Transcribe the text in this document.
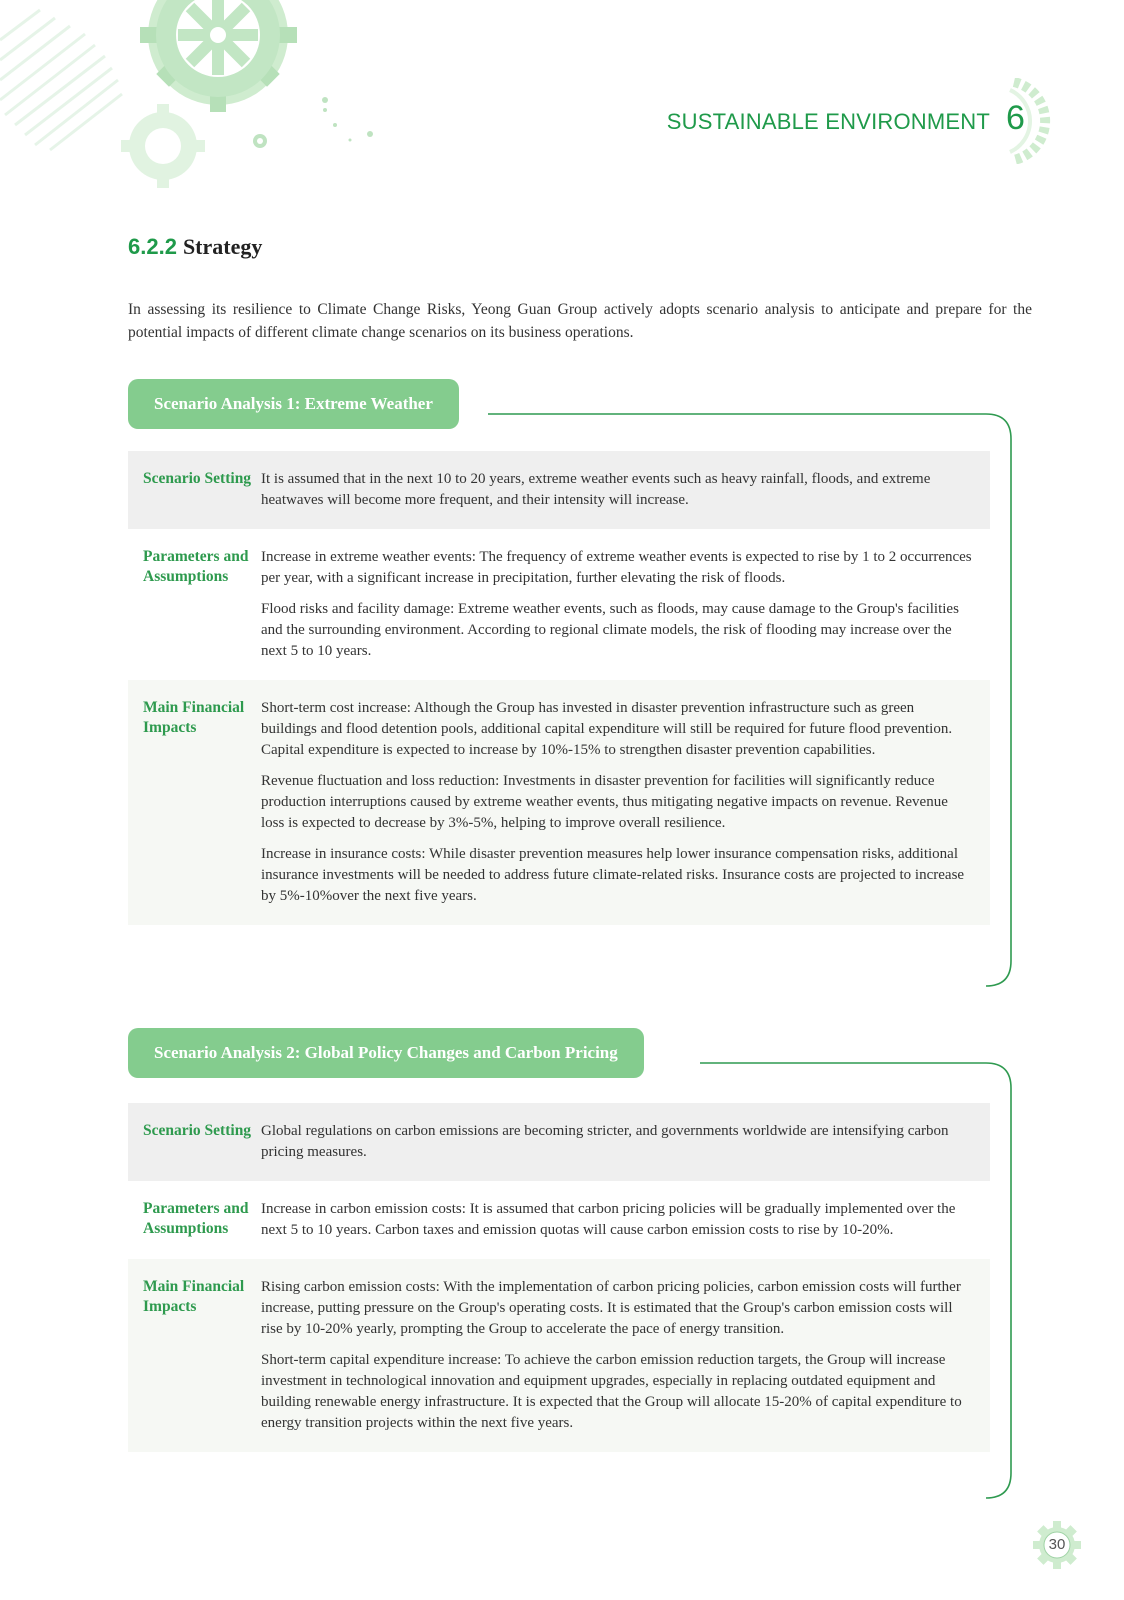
SUSTAINABLE ENVIRONMENT 6
6.2.2 Strategy
In assessing its resilience to Climate Change Risks, Yeong Guan Group actively adopts scenario analysis to anticipate and prepare for the potential impacts of different climate change scenarios on its business operations.
Scenario Analysis 1: Extreme Weather
Scenario Setting It is assumed that in the next 10 to 20 years, extreme weather events such as heavy rainfall, floods, and extreme heatwaves will become more frequent, and their intensity will increase.

Parameters and Assumptions

Increase in extreme weather events: The frequency of extreme weather events is expected to rise by 1 to 2 occurrences per year, with a significant increase in precipitation, further elevating the risk of floods.

Flood risks and facility damage: Extreme weather events, such as floods, may cause damage to the Group's facilities and the surrounding environment. According to regional climate models, the risk of flooding may increase over the next 5 to 10 years.

Main Financial Impacts

Short-term cost increase: Although the Group has invested in disaster prevention infrastructure such as green buildings and flood detention pools, additional capital expenditure will still be required for future flood prevention. Capital expenditure is expected to increase by 10%-15% to strengthen disaster prevention capabilities.

Revenue fluctuation and loss reduction: Investments in disaster prevention for facilities will significantly reduce production interruptions caused by extreme weather events, thus mitigating negative impacts on revenue. Revenue loss is expected to decrease by 3%-5%, helping to improve overall resilience.

Increase in insurance costs: While disaster prevention measures help lower insurance compensation risks, additional insurance investments will be needed to address future climate-related risks. Insurance costs are projected to increase by 5%-10%over the next five years.

Scenario Analysis 2: Global Policy Changes and Carbon Pricing
Scenario Setting Global regulations on carbon emissions are becoming stricter, and governments worldwide are intensifying carbon pricing measures.

Parameters and Assumptions

Increase in carbon emission costs: It is assumed that carbon pricing policies will be gradually implemented over the next 5 to 10 years. Carbon taxes and emission quotas will cause carbon emission costs to rise by 10-20%.

Main Financial Impacts

Rising carbon emission costs: With the implementation of carbon pricing policies, carbon emission costs will further increase, putting pressure on the Group's operating costs. It is estimated that the Group's carbon emission costs will rise by 10-20% yearly, prompting the Group to accelerate the pace of energy transition.

Short-term capital expenditure increase: To achieve the carbon emission reduction targets, the Group will increase investment in technological innovation and equipment upgrades, especially in replacing outdated equipment and building renewable energy infrastructure. It is expected that the Group will allocate 15-20% of capital expenditure to energy transition projects within the next five years.

30
